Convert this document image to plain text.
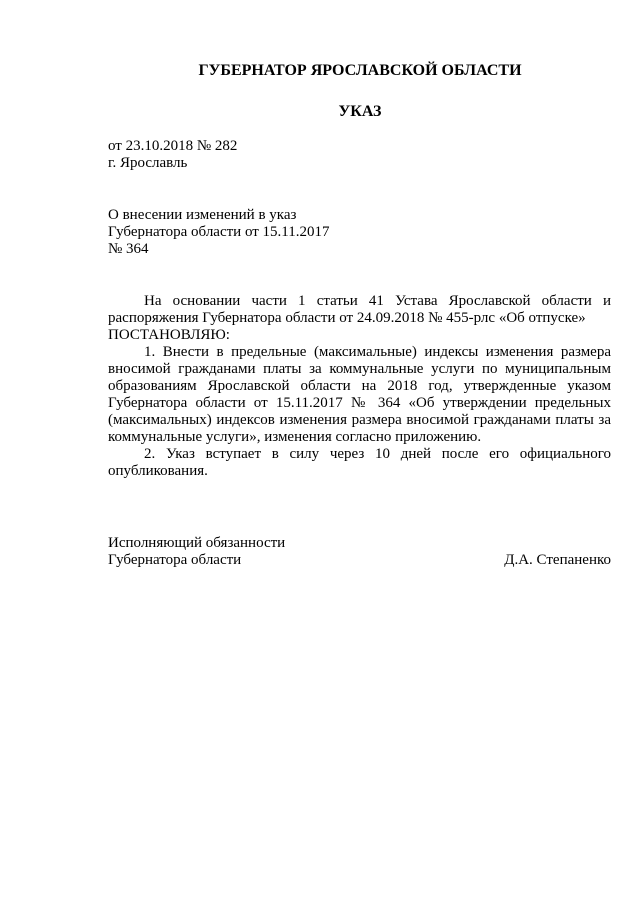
ГУБЕРНАТОР ЯРОСЛАВСКОЙ ОБЛАСТИ
УКАЗ
от 23.10.2018 № 282
г. Ярославль
О внесении изменений в указ
Губернатора области от 15.11.2017
№ 364

На основании части 1 статьи 41 Устава Ярославской области и распоряжения Губернатора области от 24.09.2018 № 455-рлс «Об отпуске»

ПОСТАНОВЛЯЮ:

1. Внести в предельные (максимальные) индексы изменения размера вносимой гражданами платы за коммунальные услуги по муниципальным образованиям Ярославской области на 2018 год, утвержденные указом Губернатора области от 15.11.2017 № 364 «Об утверждении предельных (максимальных) индексов изменения размера вносимой гражданами платы за коммунальные услуги», изменения согласно приложению.

2. Указ вступает в силу через 10 дней после его официального опубликования.

Исполняющий обязанности
Губернатора области	Д.А. Степаненко
